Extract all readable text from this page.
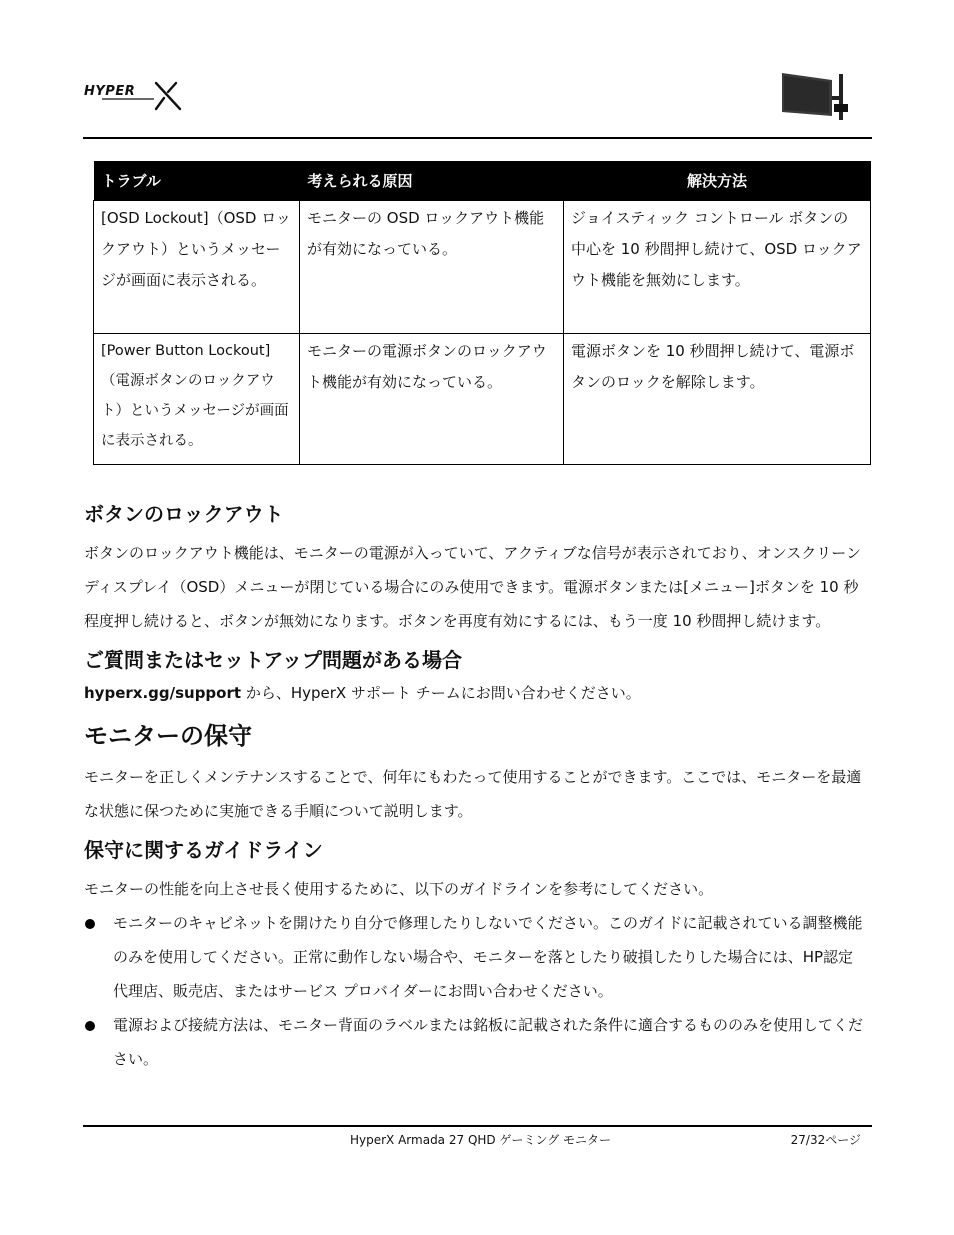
HYPER
トラブル	考えられる原因	解決方法
[OSD Lockout]（OSD ロックアウト）というメッセージが画面に表示される。	モニターの OSD ロックアウト機能が有効になっている。	ジョイスティック コントロール ボタンの中心を 10 秒間押し続けて、OSD ロックアウト機能を無効にします。
[Power Button Lockout]（電源ボタンのロックアウト）というメッセージが画面に表示される。	モニターの電源ボタンのロックアウト機能が有効になっている。	電源ボタンを 10 秒間押し続けて、電源ボタンのロックを解除します。
ボタンのロックアウト

ボタンのロックアウト機能は、モニターの電源が入っていて、アクティブな信号が表示されており、オンスクリーン ディスプレイ（OSD）メニューが閉じている場合にのみ使用できます。電源ボタンまたは[メニュー]ボタンを 10 秒程度押し続けると、ボタンが無効になります。ボタンを再度有効にするには、もう一度 10 秒間押し続けます。

ご質問またはセットアップ問題がある場合

hyperx.gg/support から、HyperX サポート チームにお問い合わせください。

モニターの保守

モニターを正しくメンテナンスすることで、何年にもわたって使用することができます。ここでは、モニターを最適な状態に保つために実施できる手順について説明します。

保守に関するガイドライン

モニターの性能を向上させ長く使用するために、以下のガイドラインを参考にしてください。

モニターのキャビネットを開けたり自分で修理したりしないでください。このガイドに記載されている調整機能のみを使用してください。正常に動作しない場合や、モニターを落としたり破損したりした場合には、HP認定代理店、販売店、またはサービス プロバイダーにお問い合わせください。
電源および接続方法は、モニター背面のラベルまたは銘板に記載された条件に適合するもののみを使用してください。
HyperX Armada 27 QHD ゲーミング モニター	27/32ページ
